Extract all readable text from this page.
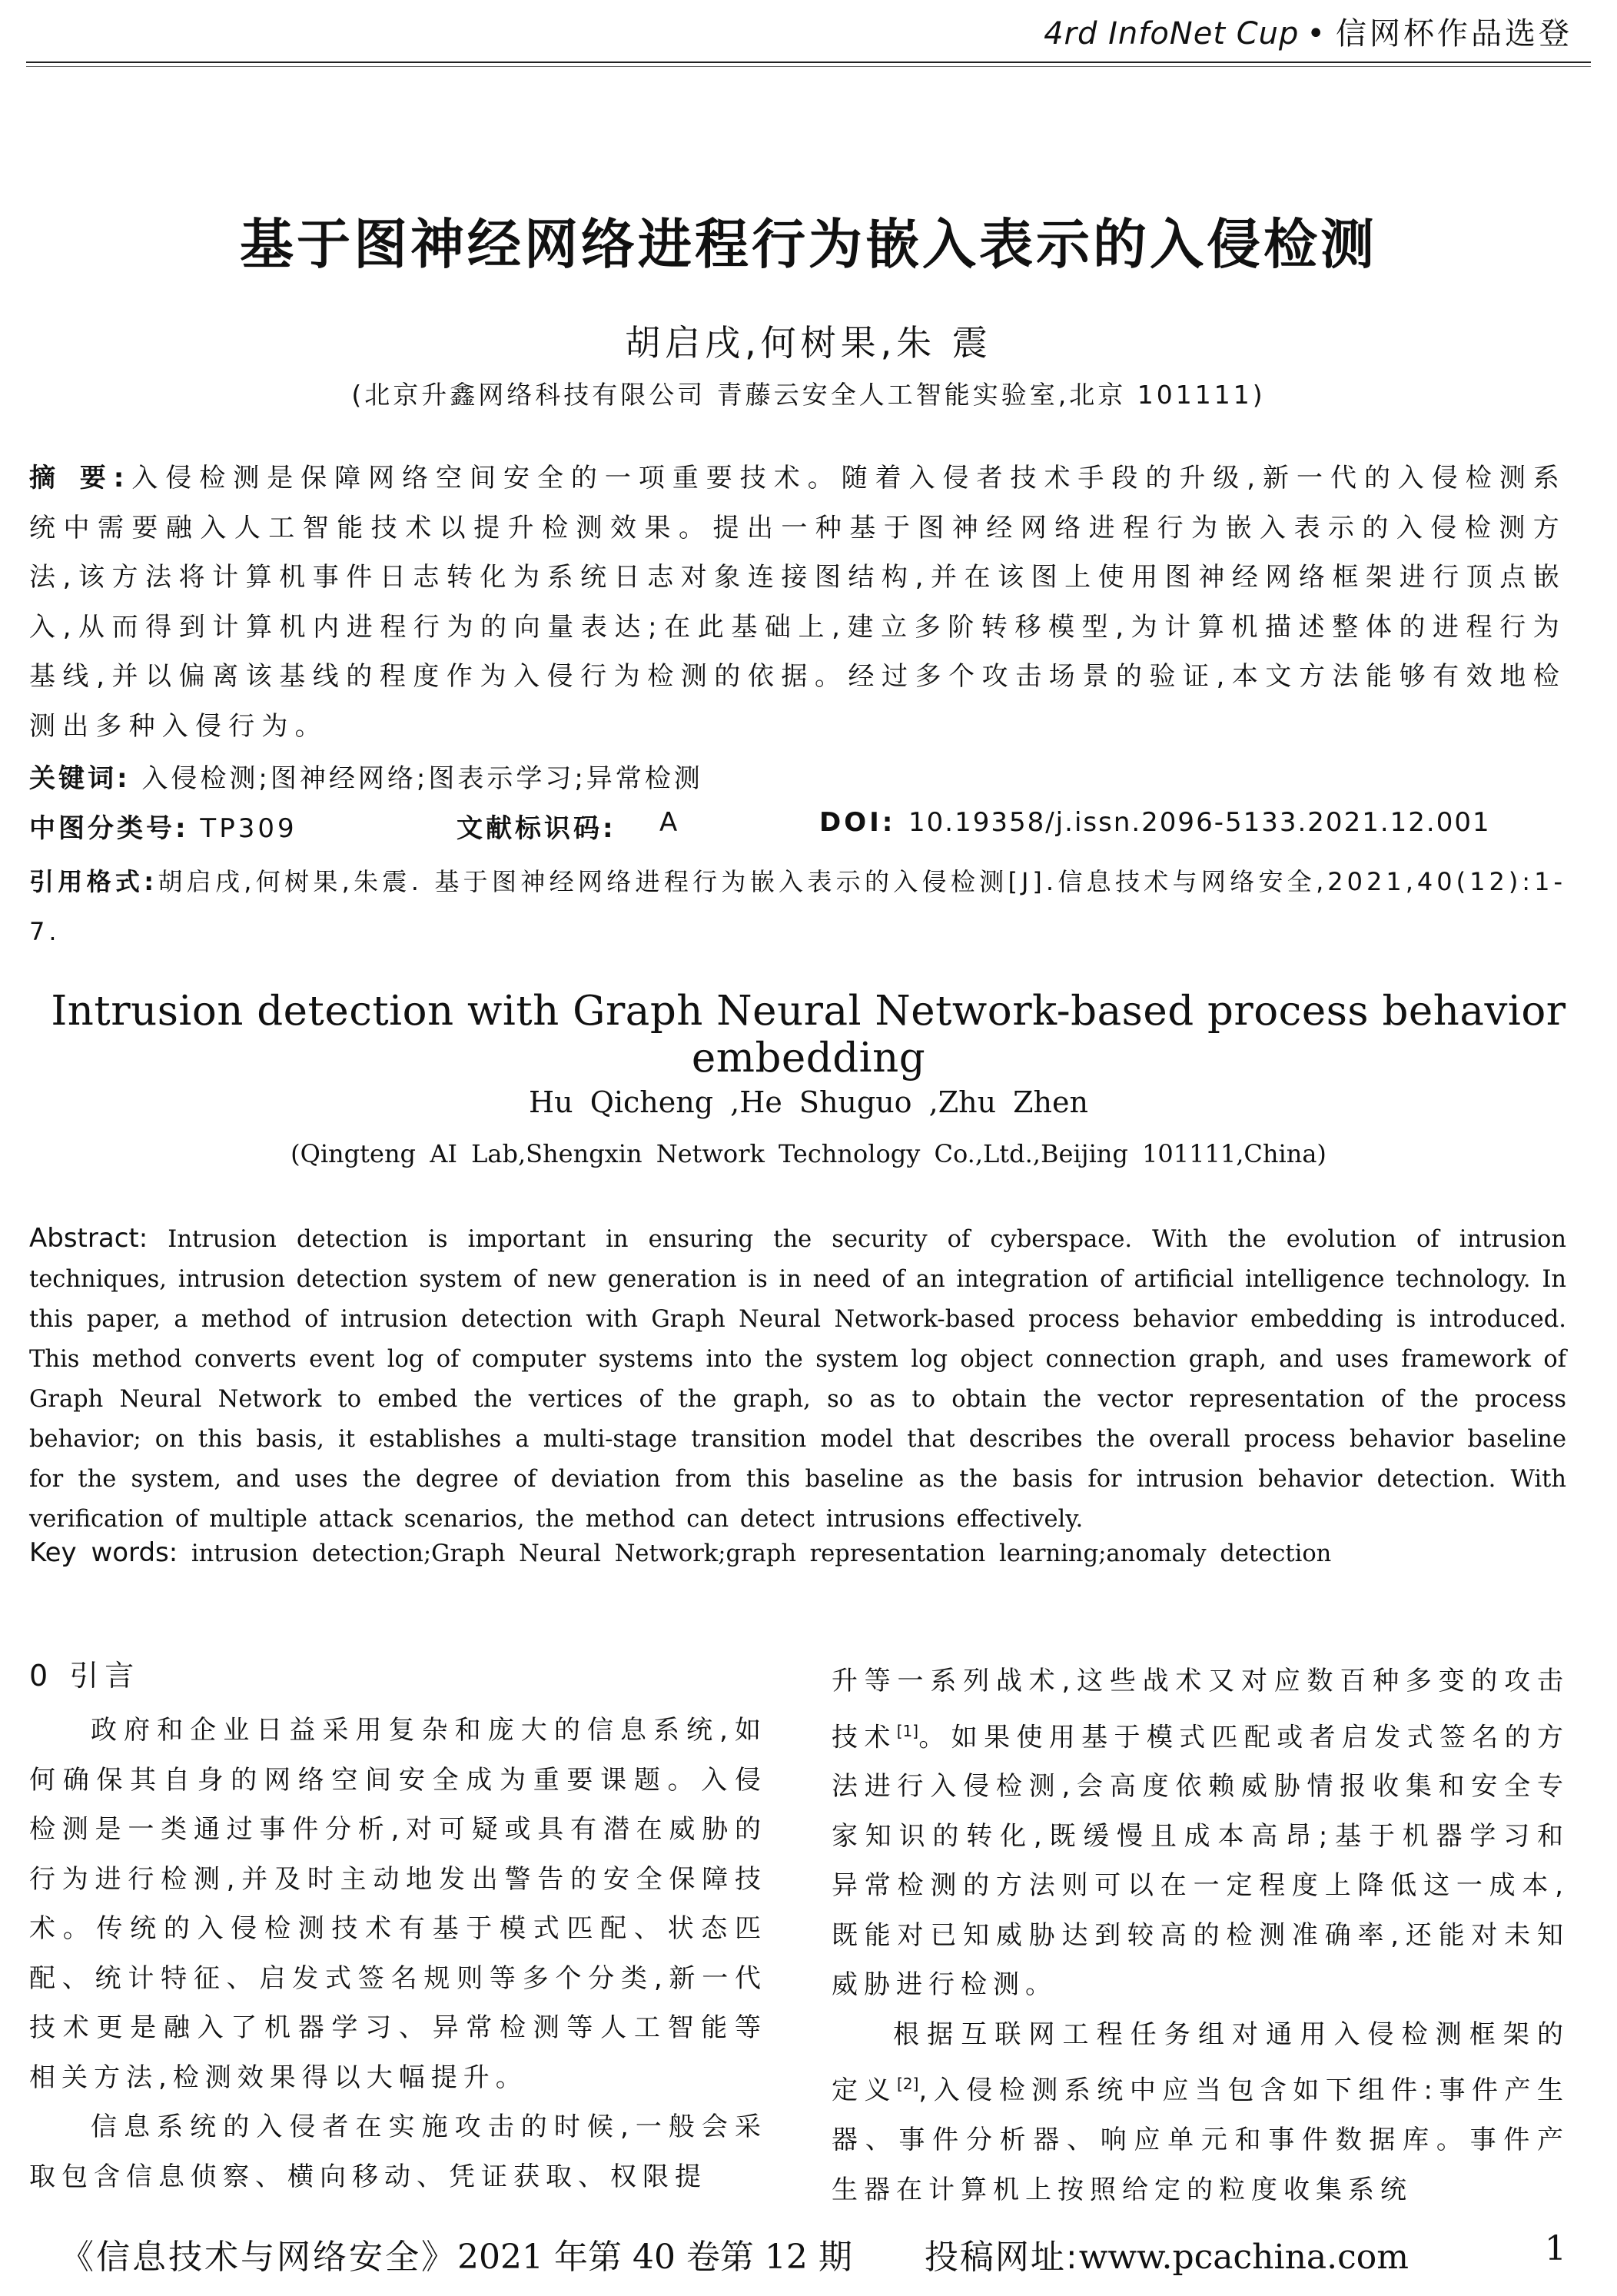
4rd InfoNet Cup • 信网杯作品选登
基于图神经网络进程行为嵌入表示的入侵检测
胡启戌,何树果,朱 震
(北京升鑫网络科技有限公司 青藤云安全人工智能实验室,北京 101111)

摘 要:入侵检测是保障网络空间安全的一项重要技术。随着入侵者技术手段的升级,新一代的入侵检测系统中需要融入人工智能技术以提升检测效果。提出一种基于图神经网络进程行为嵌入表示的入侵检测方法,该方法将计算机事件日志转化为系统日志对象连接图结构,并在该图上使用图神经网络框架进行顶点嵌入,从而得到计算机内进程行为的向量表达;在此基础上,建立多阶转移模型,为计算机描述整体的进程行为基线,并以偏离该基线的程度作为入侵行为检测的依据。经过多个攻击场景的验证,本文方法能够有效地检测出多种入侵行为。

关键词: 入侵检测;图神经网络;图表示学习;异常检测
中图分类号: TP309	文献标识码: A	DOI: 10.19358/j.issn.2096-5133.2021.12.001

引用格式:胡启戌,何树果,朱震. 基于图神经网络进程行为嵌入表示的入侵检测[J].信息技术与网络安全,2021,40(12):1-7.

Intrusion detection with Graph Neural Network-based process behavior embedding
Hu Qicheng ,He Shuguo ,Zhu Zhen
(Qingteng AI Lab,Shengxin Network Technology Co.,Ltd.,Beijing 101111,China)

Abstract: Intrusion detection is important in ensuring the security of cyberspace. With the evolution of intrusion techniques, intrusion detection system of new generation is in need of an integration of artificial intelligence technology. In this paper, a method of intrusion detection with Graph Neural Network-based process behavior embedding is introduced. This method converts event log of computer systems into the system log object connection graph, and uses framework of Graph Neural Network to embed the vertices of the graph, so as to obtain the vector representation of the process behavior; on this basis, it establishes a multi-stage transition model that describes the overall process behavior baseline for the system, and uses the degree of deviation from this baseline as the basis for intrusion behavior detection. With verification of multiple attack scenarios, the method can detect intrusions effectively.

Key words: intrusion detection;Graph Neural Network;graph representation learning;anomaly detection
0 引言

政府和企业日益采用复杂和庞大的信息系统,如何确保其自身的网络空间安全成为重要课题。入侵检测是一类通过事件分析,对可疑或具有潜在威胁的行为进行检测,并及时主动地发出警告的安全保障技术。传统的入侵检测技术有基于模式匹配、状态匹配、统计特征、启发式签名规则等多个分类,新一代技术更是融入了机器学习、异常检测等人工智能等相关方法,检测效果得以大幅提升。

信息系统的入侵者在实施攻击的时候,一般会采取包含信息侦察、横向移动、凭证获取、权限提

升等一系列战术,这些战术又对应数百种多变的攻击技术[1]。如果使用基于模式匹配或者启发式签名的方法进行入侵检测,会高度依赖威胁情报收集和安全专家知识的转化,既缓慢且成本高昂;基于机器学习和异常检测的方法则可以在一定程度上降低这一成本,既能对已知威胁达到较高的检测准确率,还能对未知威胁进行检测。

根据互联网工程任务组对通用入侵检测框架的定义[2],入侵检测系统中应当包含如下组件:事件产生器、事件分析器、响应单元和事件数据库。事件产生器在计算机上按照给定的粒度收集系统

《信息技术与网络安全》2021 年第 40 卷第 12 期 投稿网址:www.pcachina.com	1
